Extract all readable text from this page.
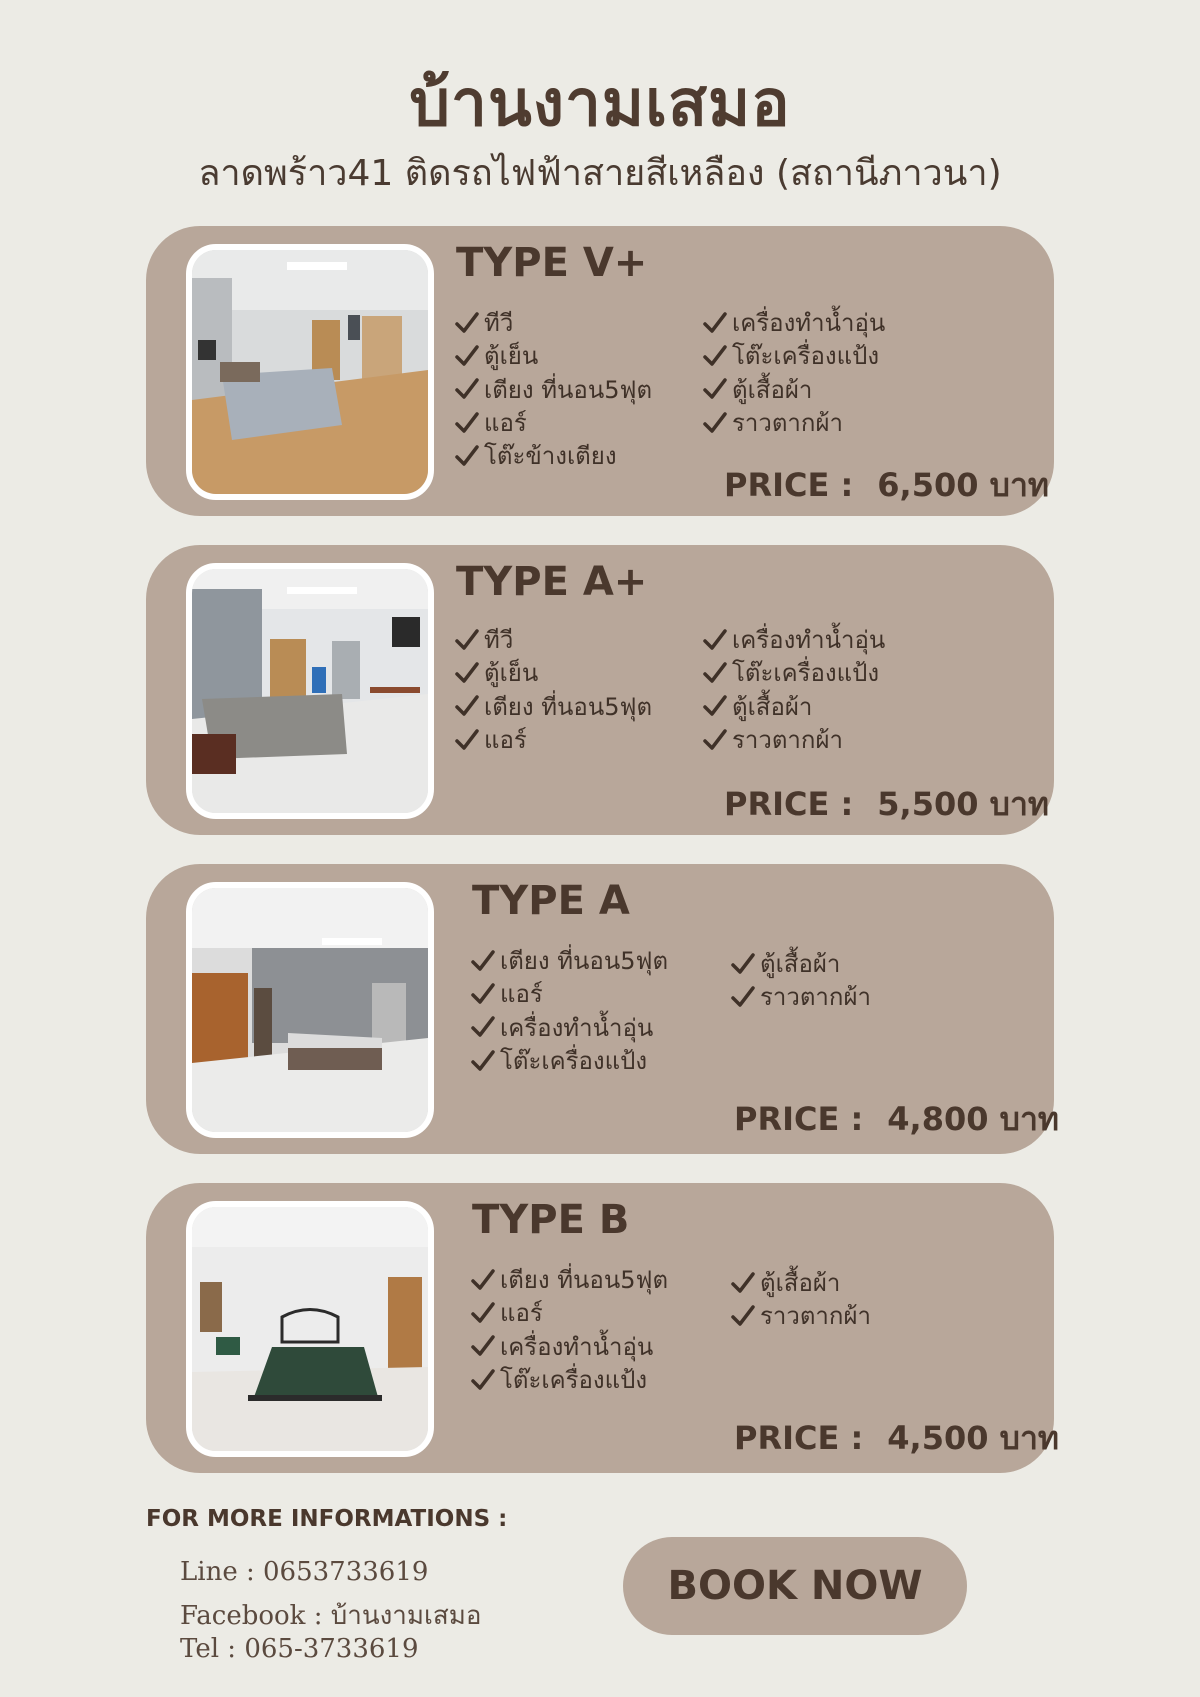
บ้านงามเสมอ
ลาดพร้าว41 ติดรถไฟฟ้าสายสีเหลือง (สถานีภาวนา)
TYPE V+
ทีวี
ตู้เย็น
เตียง ที่นอน5ฟุต
แอร์
โต๊ะข้างเตียง
เครื่องทำน้ำอุ่น
โต๊ะเครื่องแป้ง
ตู้เสื้อผ้า
ราวตากผ้า
PRICE : 6,500 บาท
TYPE A+
ทีวี
ตู้เย็น
เตียง ที่นอน5ฟุต
แอร์
เครื่องทำน้ำอุ่น
โต๊ะเครื่องแป้ง
ตู้เสื้อผ้า
ราวตากผ้า
PRICE : 5,500 บาท
TYPE A
เตียง ที่นอน5ฟุต
แอร์
เครื่องทำน้ำอุ่น
โต๊ะเครื่องแป้ง
ตู้เสื้อผ้า
ราวตากผ้า
PRICE : 4,800 บาท
TYPE B
เตียง ที่นอน5ฟุต
แอร์
เครื่องทำน้ำอุ่น
โต๊ะเครื่องแป้ง
ตู้เสื้อผ้า
ราวตากผ้า
PRICE : 4,500 บาท
FOR MORE INFORMATIONS :
Line : 0653733619
Facebook : บ้านงามเสมอ
Tel : 065-3733619
BOOK NOW
